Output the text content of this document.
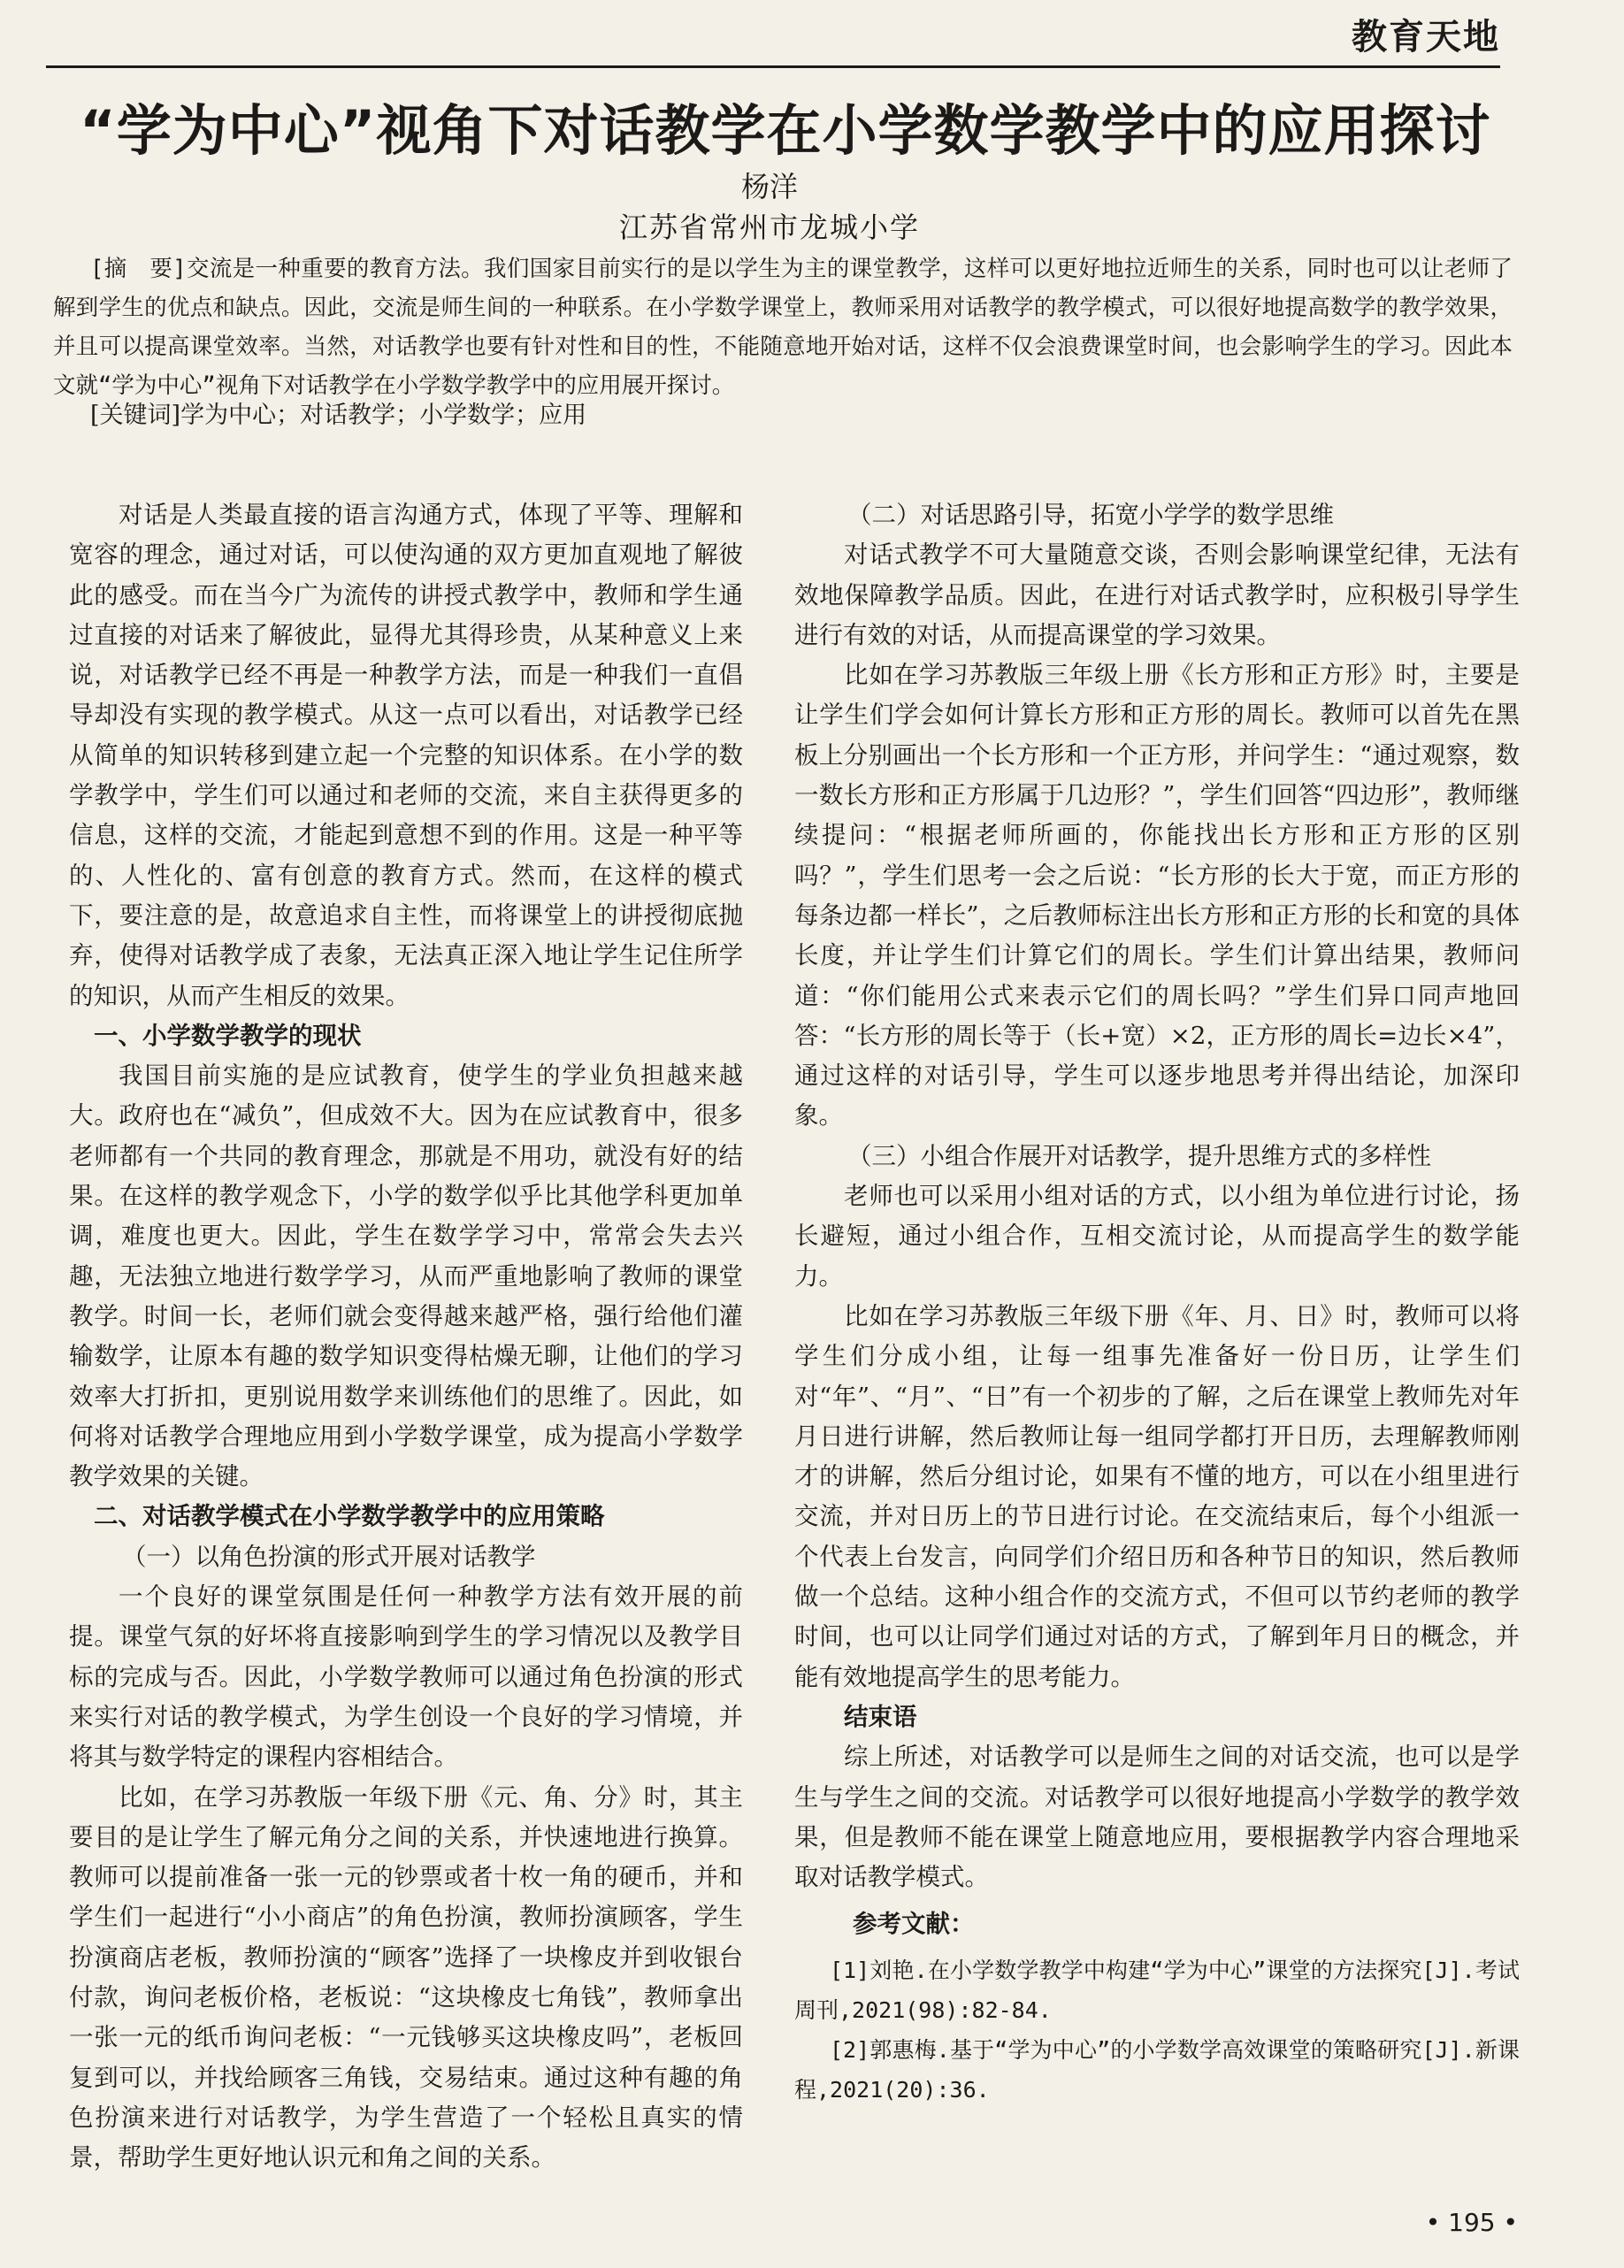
教育天地
“学为中心”视角下对话教学在小学数学教学中的应用探讨
杨洋
江苏省常州市龙城小学

[摘　要]交流是一种重要的教育方法。我们国家目前实行的是以学生为主的课堂教学，这样可以更好地拉近师生的关系，同时也可以让老师了解到学生的优点和缺点。因此，交流是师生间的一种联系。在小学数学课堂上，教师采用对话教学的教学模式，可以很好地提高数学的教学效果，并且可以提高课堂效率。当然，对话教学也要有针对性和目的性，不能随意地开始对话，这样不仅会浪费课堂时间，也会影响学生的学习。因此本文就“学为中心”视角下对话教学在小学数学教学中的应用展开探讨。

[关键词]学为中心；对话教学；小学数学；应用

对话是人类最直接的语言沟通方式，体现了平等、理解和宽容的理念，通过对话，可以使沟通的双方更加直观地了解彼此的感受。而在当今广为流传的讲授式教学中，教师和学生通过直接的对话来了解彼此，显得尤其得珍贵，从某种意义上来说，对话教学已经不再是一种教学方法，而是一种我们一直倡导却没有实现的教学模式。从这一点可以看出，对话教学已经从简单的知识转移到建立起一个完整的知识体系。在小学的数学教学中，学生们可以通过和老师的交流，来自主获得更多的信息，这样的交流，才能起到意想不到的作用。这是一种平等的、人性化的、富有创意的教育方式。然而，在这样的模式下，要注意的是，故意追求自主性，而将课堂上的讲授彻底抛弃，使得对话教学成了表象，无法真正深入地让学生记住所学的知识，从而产生相反的效果。

一、小学数学教学的现状

我国目前实施的是应试教育，使学生的学业负担越来越大。政府也在“减负”，但成效不大。因为在应试教育中，很多老师都有一个共同的教育理念，那就是不用功，就没有好的结果。在这样的教学观念下，小学的数学似乎比其他学科更加单调，难度也更大。因此，学生在数学学习中，常常会失去兴趣，无法独立地进行数学学习，从而严重地影响了教师的课堂教学。时间一长，老师们就会变得越来越严格，强行给他们灌输数学，让原本有趣的数学知识变得枯燥无聊，让他们的学习效率大打折扣，更别说用数学来训练他们的思维了。因此，如何将对话教学合理地应用到小学数学课堂，成为提高小学数学教学效果的关键。

二、对话教学模式在小学数学教学中的应用策略

（一）以角色扮演的形式开展对话教学

一个良好的课堂氛围是任何一种教学方法有效开展的前提。课堂气氛的好坏将直接影响到学生的学习情况以及教学目标的完成与否。因此，小学数学教师可以通过角色扮演的形式来实行对话的教学模式，为学生创设一个良好的学习情境，并将其与数学特定的课程内容相结合。

比如，在学习苏教版一年级下册《元、角、分》时，其主要目的是让学生了解元角分之间的关系，并快速地进行换算。教师可以提前准备一张一元的钞票或者十枚一角的硬币，并和学生们一起进行“小小商店”的角色扮演，教师扮演顾客，学生扮演商店老板，教师扮演的“顾客”选择了一块橡皮并到收银台付款，询问老板价格，老板说：“这块橡皮七角钱”，教师拿出一张一元的纸币询问老板：“一元钱够买这块橡皮吗”，老板回复到可以，并找给顾客三角钱，交易结束。通过这种有趣的角色扮演来进行对话教学，为学生营造了一个轻松且真实的情景，帮助学生更好地认识元和角之间的关系。

（二）对话思路引导，拓宽小学学的数学思维

对话式教学不可大量随意交谈，否则会影响课堂纪律，无法有效地保障教学品质。因此，在进行对话式教学时，应积极引导学生进行有效的对话，从而提高课堂的学习效果。

比如在学习苏教版三年级上册《长方形和正方形》时，主要是让学生们学会如何计算长方形和正方形的周长。教师可以首先在黑板上分别画出一个长方形和一个正方形，并问学生：“通过观察，数一数长方形和正方形属于几边形？”，学生们回答“四边形”，教师继续提问：“根据老师所画的，你能找出长方形和正方形的区别吗？”，学生们思考一会之后说：“长方形的长大于宽，而正方形的每条边都一样长”，之后教师标注出长方形和正方形的长和宽的具体长度，并让学生们计算它们的周长。学生们计算出结果，教师问道：“你们能用公式来表示它们的周长吗？”学生们异口同声地回答：“长方形的周长等于（长+宽）×2，正方形的周长=边长×4”，通过这样的对话引导，学生可以逐步地思考并得出结论，加深印象。

（三）小组合作展开对话教学，提升思维方式的多样性

老师也可以采用小组对话的方式，以小组为单位进行讨论，扬长避短，通过小组合作，互相交流讨论，从而提高学生的数学能力。

比如在学习苏教版三年级下册《年、月、日》时，教师可以将学生们分成小组，让每一组事先准备好一份日历，让学生们对“年”、“月”、“日”有一个初步的了解，之后在课堂上教师先对年月日进行讲解，然后教师让每一组同学都打开日历，去理解教师刚才的讲解，然后分组讨论，如果有不懂的地方，可以在小组里进行交流，并对日历上的节日进行讨论。在交流结束后，每个小组派一个代表上台发言，向同学们介绍日历和各种节日的知识，然后教师做一个总结。这种小组合作的交流方式，不但可以节约老师的教学时间，也可以让同学们通过对话的方式，了解到年月日的概念，并能有效地提高学生的思考能力。

结束语

综上所述，对话教学可以是师生之间的对话交流，也可以是学生与学生之间的交流。对话教学可以很好地提高小学数学的教学效果，但是教师不能在课堂上随意地应用，要根据教学内容合理地采取对话教学模式。

参考文献：

[1]刘艳.在小学数学教学中构建“学为中心”课堂的方法探究[J].考试周刊,2021(98):82-84.

[2]郭惠梅.基于“学为中心”的小学数学高效课堂的策略研究[J].新课程,2021(20):36.

• 195 •
